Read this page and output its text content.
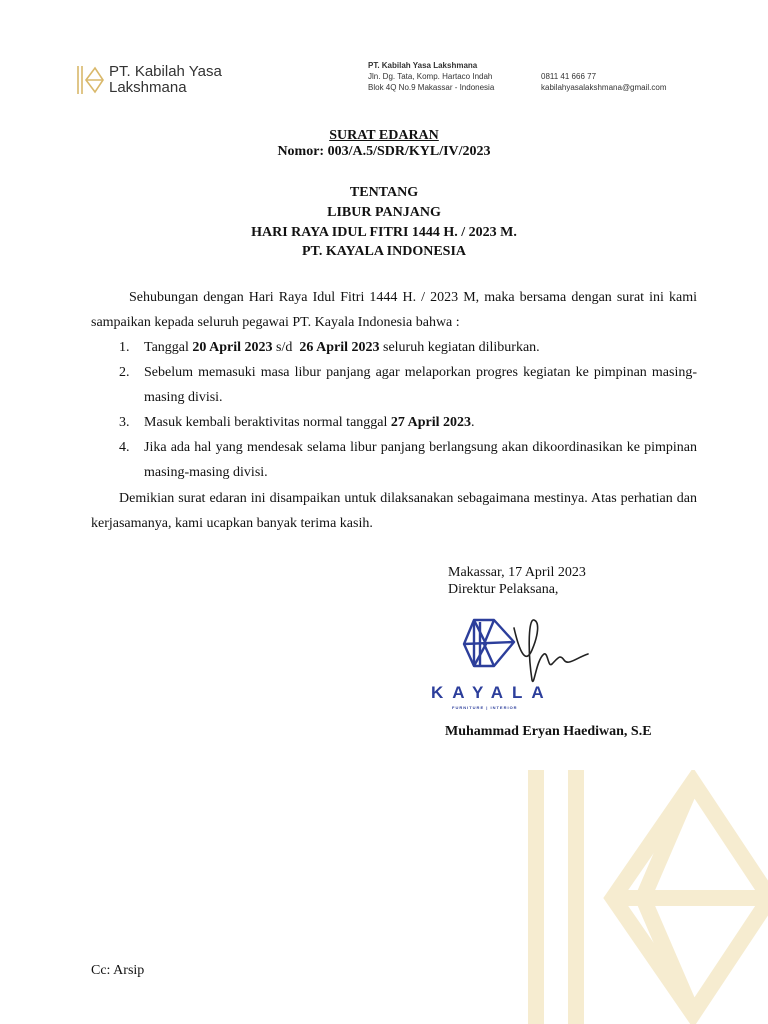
PT. Kabilah Yasa
Lakshmana
PT. Kabilah Yasa Lakshmana
Jln. Dg. Tata, Komp. Hartaco Indah
Blok 4Q No.9 Makassar - Indonesia
0811 41 666 77
kabilahyasalakshmana@gmail.com
SURAT EDARAN
Nomor: 003/A.5/SDR/KYL/IV/2023
TENTANG
LIBUR PANJANG
HARI RAYA IDUL FITRI 1444 H. / 2023 M.
PT. KAYALA INDONESIA
Sehubungan dengan Hari Raya Idul Fitri 1444 H. / 2023 M, maka bersama dengan surat ini kami sampaikan kepada seluruh pegawai PT. Kayala Indonesia bahwa :
1. Tanggal 20 April 2023 s/d  26 April 2023 seluruh kegiatan diliburkan.
2. Sebelum memasuki masa libur panjang agar melaporkan progres kegiatan ke pimpinan masing-masing divisi.
3. Masuk kembali beraktivitas normal tanggal 27 April 2023.
4. Jika ada hal yang mendesak selama libur panjang berlangsung akan dikoordinasikan ke pimpinan masing-masing divisi.
Demikian surat edaran ini disampaikan untuk dilaksanakan sebagaimana mestinya. Atas perhatian dan kerjasamanya, kami ucapkan banyak terima kasih.
Makassar, 17 April 2023
Direktur Pelaksana,
KAYALA
FURNITURE | INTERIOR
Muhammad Eryan Haediwan, S.E
Cc: Arsip
